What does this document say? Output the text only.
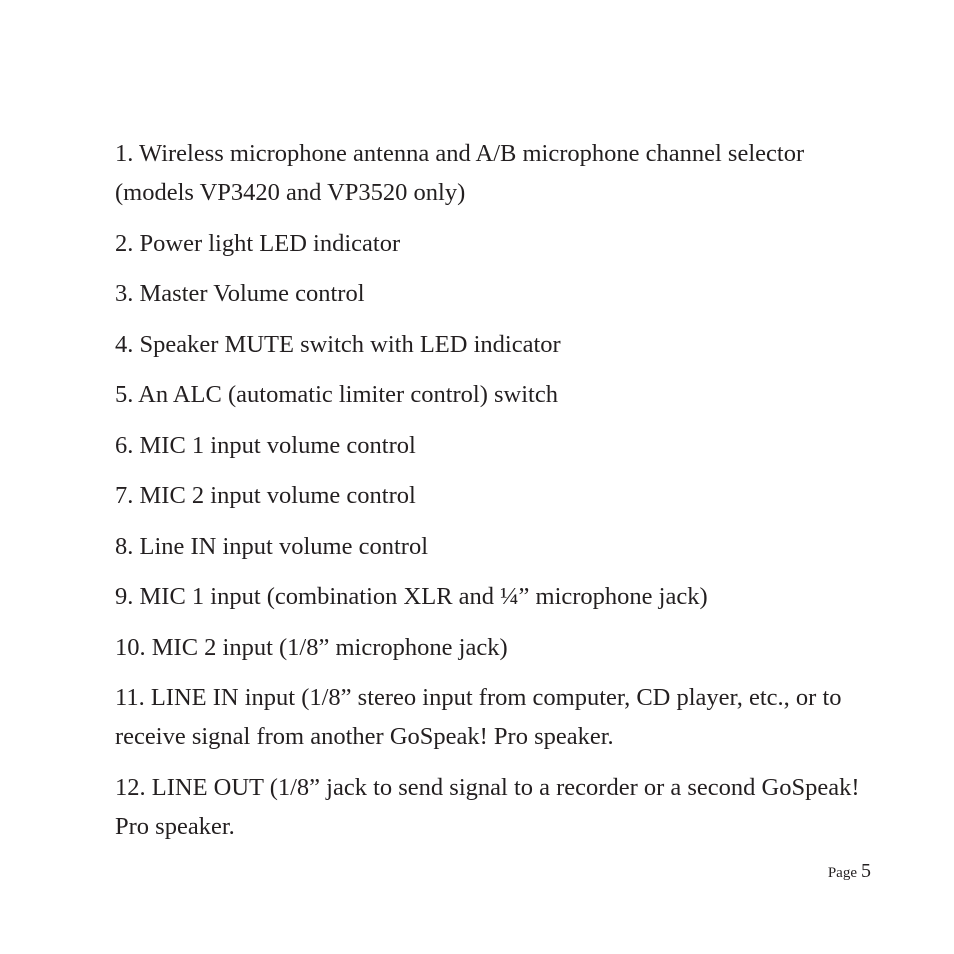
1. Wireless microphone antenna and A/B microphone channel selector (models VP3420 and VP3520 only)
2. Power light LED indicator
3. Master Volume control
4. Speaker MUTE switch with LED indicator
5. An ALC (automatic limiter control) switch
6. MIC 1 input volume control
7. MIC 2 input volume control
8. Line IN input volume control
9. MIC 1 input (combination XLR and ¼” microphone jack)
10. MIC 2 input (1/8” microphone jack)
11. LINE IN input (1/8” stereo input from computer, CD player, etc., or to receive signal from another GoSpeak! Pro speaker.
12. LINE OUT (1/8” jack to send signal to a recorder or a second GoSpeak! Pro speaker.
Page 5
